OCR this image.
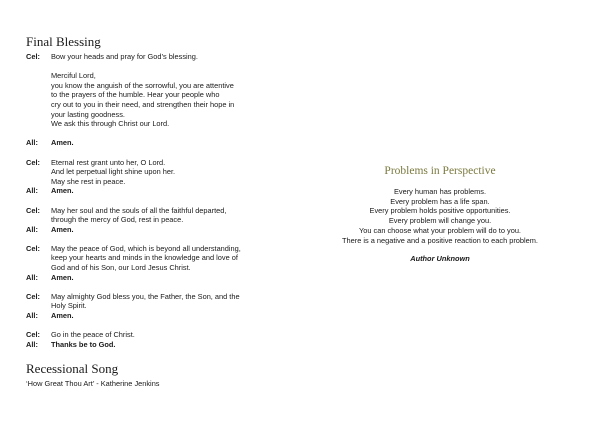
Final Blessing
Cel:	Bow your heads and pray for God’s blessing.
Merciful Lord,
you know the anguish of the sorrowful, you are attentive
to the prayers of the humble. Hear your people who
cry out to you in their need, and strengthen their hope in
your lasting goodness.
We ask this through Christ our Lord.
All:	Amen.
Cel:	Eternal rest grant unto her, O Lord.
And let perpetual light shine upon her.
May she rest in peace.
All:	Amen.
Cel:	May her soul and the souls of all the faithful departed,
through the mercy of God, rest in peace.
All:	Amen.
Cel:	May the peace of God, which is beyond all understanding,
keep your hearts and minds in the knowledge and love of
God and of his Son, our Lord Jesus Christ.
All:	Amen.
Cel:	May almighty God bless you, the Father, the Son, and the
Holy Spirit.
All:	Amen.
Cel:	Go in the peace of Christ.
All:	Thanks be to God.
Recessional Song
‘How Great Thou Art’ - Katherine Jenkins
Problems in Perspective
Every human has problems.
Every problem has a life span.
Every problem holds positive opportunities.
Every problem will change you.
You can choose what your problem will do to you.
There is a negative and a positive reaction to each problem.
Author Unknown
